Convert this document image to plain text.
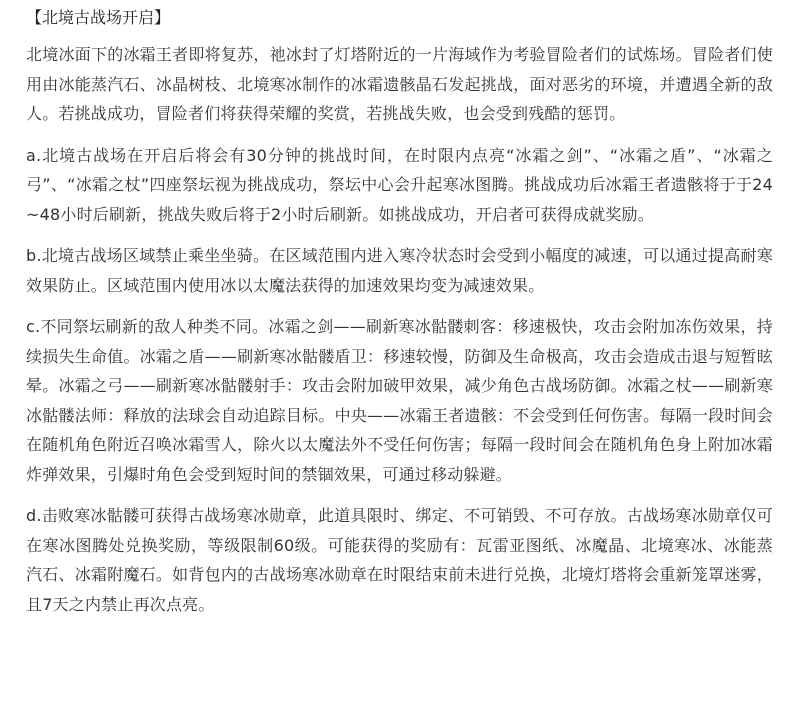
【北境古战场开启】

北境冰面下的冰霜王者即将复苏，祂冰封了灯塔附近的一片海域作为考验冒险者们的试炼场。冒险者们使用由冰能蒸汽石、冰晶树枝、北境寒冰制作的冰霜遗骸晶石发起挑战，面对恶劣的环境，并遭遇全新的敌人。若挑战成功，冒险者们将获得荣耀的奖赏，若挑战失败，也会受到残酷的惩罚。

a.北境古战场在开启后将会有30分钟的挑战时间，在时限内点亮“冰霜之剑”、“冰霜之盾”、“冰霜之弓”、“冰霜之杖”四座祭坛视为挑战成功，祭坛中心会升起寒冰图腾。挑战成功后冰霜王者遗骸将于于24~48小时后刷新，挑战失败后将于2小时后刷新。如挑战成功，开启者可获得成就奖励。

b.北境古战场区域禁止乘坐坐骑。在区域范围内进入寒冷状态时会受到小幅度的减速，可以通过提高耐寒效果防止。区域范围内使用冰以太魔法获得的加速效果均变为减速效果。

c.不同祭坛刷新的敌人种类不同。冰霜之剑——刷新寒冰骷髅刺客：移速极快，攻击会附加冻伤效果，持续损失生命值。冰霜之盾——刷新寒冰骷髅盾卫：移速较慢，防御及生命极高，攻击会造成击退与短暂眩晕。冰霜之弓——刷新寒冰骷髅射手：攻击会附加破甲效果，减少角色古战场防御。冰霜之杖——刷新寒冰骷髅法师：释放的法球会自动追踪目标。中央——冰霜王者遗骸：不会受到任何伤害。每隔一段时间会在随机角色附近召唤冰霜雪人，除火以太魔法外不受任何伤害；每隔一段时间会在随机角色身上附加冰霜炸弹效果，引爆时角色会受到短时间的禁锢效果，可通过移动躲避。

d.击败寒冰骷髅可获得古战场寒冰勋章，此道具限时、绑定、不可销毁、不可存放。古战场寒冰勋章仅可在寒冰图腾处兑换奖励，等级限制60级。可能获得的奖励有：瓦雷亚图纸、冰魔晶、北境寒冰、冰能蒸汽石、冰霜附魔石。如背包内的古战场寒冰勋章在时限结束前未进行兑换，北境灯塔将会重新笼罩迷雾，且7天之内禁止再次点亮。
